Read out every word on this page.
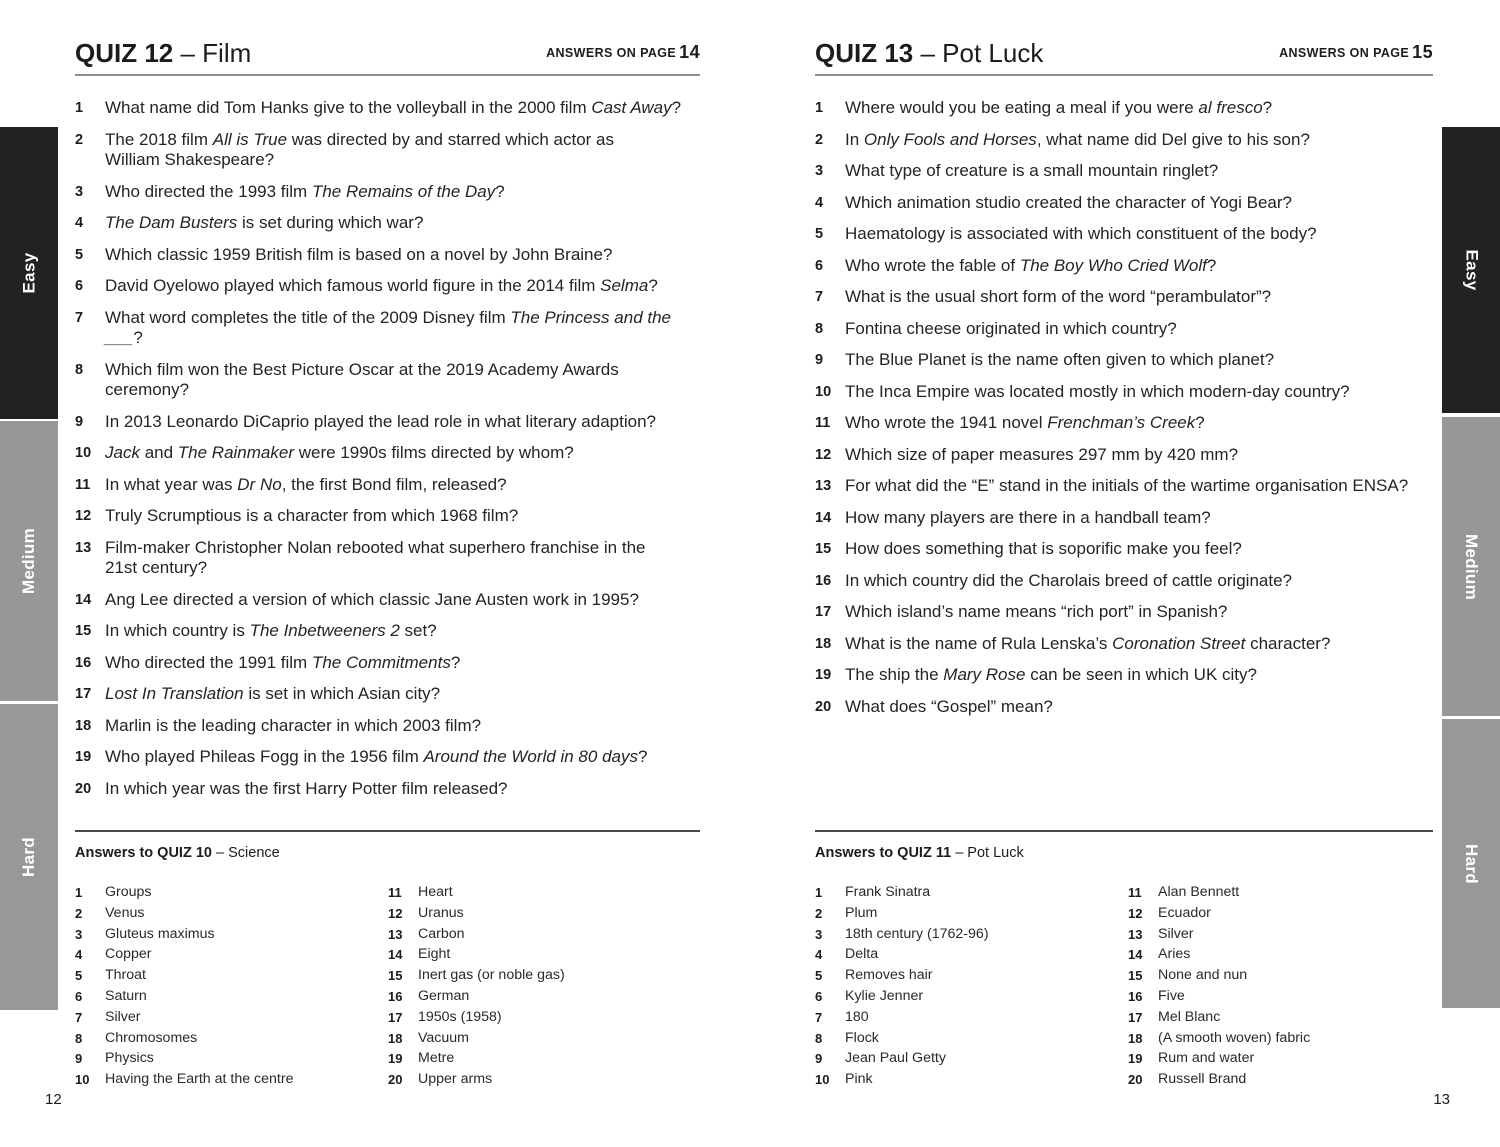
Easy
Medium
Hard
Easy
Medium
Hard
QUIZ 12 – Film	ANSWERS ON PAGE 14
1	What name did Tom Hanks give to the volleyball in the 2000 film Cast Away?
2	The 2018 film All is True was directed by and starred which actor as
William Shakespeare?
3	Who directed the 1993 film The Remains of the Day?
4	The Dam Busters is set during which war?
5	Which classic 1959 British film is based on a novel by John Braine?
6	David Oyelowo played which famous world figure in the 2014 film Selma?
7	What word completes the title of the 2009 Disney film The Princess and the ___?
8	Which film won the Best Picture Oscar at the 2019 Academy Awards ceremony?
9	In 2013 Leonardo DiCaprio played the lead role in what literary adaption?
10 Jack and The Rainmaker were 1990s films directed by whom?
11 In what year was Dr No, the first Bond film, released?
12 Truly Scrumptious is a character from which 1968 film?
13 Film-maker Christopher Nolan rebooted what superhero franchise in the
21st century?
14 Ang Lee directed a version of which classic Jane Austen work in 1995?
15 In which country is The Inbetweeners 2 set?
16 Who directed the 1991 film The Commitments?
17 Lost In Translation is set in which Asian city?
18 Marlin is the leading character in which 2003 film?
19 Who played Phileas Fogg in the 1956 film Around the World in 80 days?
20 In which year was the first Harry Potter film released?
Answers to QUIZ 10 – Science
1	Groups
2	Venus
3	Gluteus maximus
4	Copper
5	Throat
6	Saturn
7	Silver
8	Chromosomes
9	Physics
10	Having the Earth at the centre
11	Heart
12	Uranus
13	Carbon
14	Eight
15	Inert gas (or noble gas)
16	German
17	1950s (1958)
18	Vacuum
19	Metre
20	Upper arms
QUIZ 13 – Pot Luck	ANSWERS ON PAGE 15
1	Where would you be eating a meal if you were al fresco?
2	In Only Fools and Horses, what name did Del give to his son?
3	What type of creature is a small mountain ringlet?
4	Which animation studio created the character of Yogi Bear?
5	Haematology is associated with which constituent of the body?
6	Who wrote the fable of The Boy Who Cried Wolf?
7	What is the usual short form of the word “perambulator”?
8	Fontina cheese originated in which country?
9	The Blue Planet is the name often given to which planet?
10 The Inca Empire was located mostly in which modern-day country?
11 Who wrote the 1941 novel Frenchman’s Creek?
12 Which size of paper measures 297 mm by 420 mm?
13 For what did the “E” stand in the initials of the wartime organisation ENSA?
14 How many players are there in a handball team?
15 How does something that is soporific make you feel?
16 In which country did the Charolais breed of cattle originate?
17 Which island’s name means “rich port” in Spanish?
18 What is the name of Rula Lenska’s Coronation Street character?
19 The ship the Mary Rose can be seen in which UK city?
20 What does “Gospel” mean?
Answers to QUIZ 11 – Pot Luck
1	Frank Sinatra
2	Plum
3	18th century (1762-96)
4	Delta
5	Removes hair
6	Kylie Jenner
7	180
8	Flock
9	Jean Paul Getty
10	Pink
11	Alan Bennett
12	Ecuador
13	Silver
14	Aries
15	None and nun
16	Five
17	Mel Blanc
18	(A smooth woven) fabric
19	Rum and water
20	Russell Brand
12	13
